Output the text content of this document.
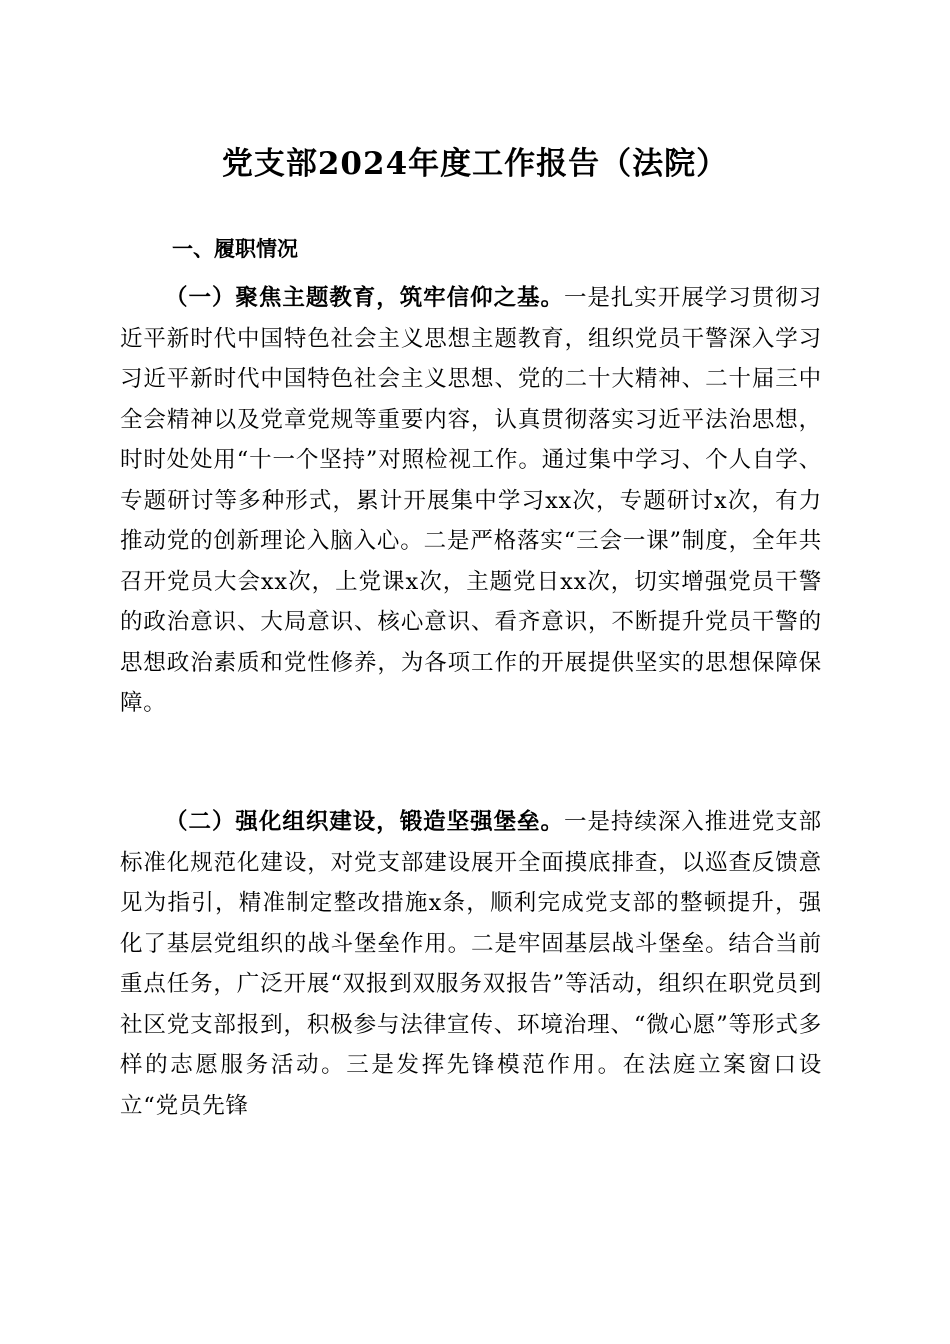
党支部2024年度工作报告（法院）
一、履职情况

（一）聚焦主题教育，筑牢信仰之基。一是扎实开展学习贯彻习近平新时代中国特色社会主义思想主题教育，组织党员干警深入学习习近平新时代中国特色社会主义思想、党的二十大精神、二十届三中全会精神以及党章党规等重要内容，认真贯彻落实习近平法治思想，时时处处用“十一个坚持”对照检视工作。通过集中学习、个人自学、专题研讨等多种形式，累计开展集中学习xx次，专题研讨x次，有力推动党的创新理论入脑入心。二是严格落实“三会一课”制度，全年共召开党员大会xx次，上党课x次，主题党日xx次，切实增强党员干警的政治意识、大局意识、核心意识、看齐意识，不断提升党员干警的思想政治素质和党性修养，为各项工作的开展提供坚实的思想保障保障。

（二）强化组织建设，锻造坚强堡垒。一是持续深入推进党支部标准化规范化建设，对党支部建设展开全面摸底排查，以巡查反馈意见为指引，精准制定整改措施x条，顺利完成党支部的整顿提升，强化了基层党组织的战斗堡垒作用。二是牢固基层战斗堡垒。结合当前重点任务，广泛开展“双报到双服务双报告”等活动，组织在职党员到社区党支部报到，积极参与法律宣传、环境治理、“微心愿”等形式多样的志愿服务活动。三是发挥先锋模范作用。在法庭立案窗口设立“党员先锋
